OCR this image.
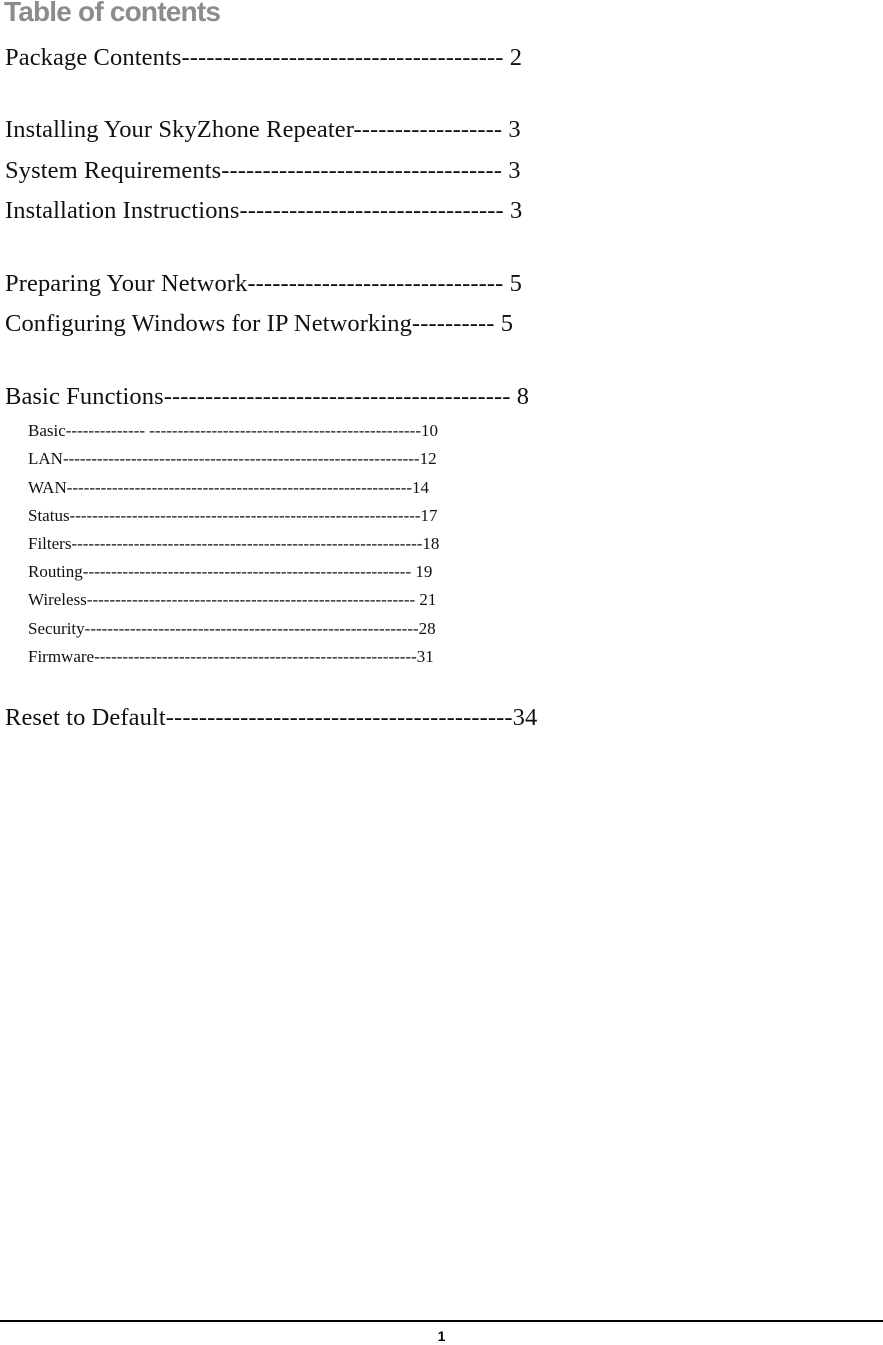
Table of contents
Package Contents--------------------------------------- 2
Installing Your SkyZhone Repeater------------------ 3
System Requirements---------------------------------- 3
Installation Instructions-------------------------------- 3
Preparing Your Network------------------------------- 5
Configuring Windows for IP Networking---------- 5
Basic Functions------------------------------------------ 8
Basic-------------- ------------------------------------------------10
LAN---------------------------------------------------------------12
WAN-------------------------------------------------------------14
Status--------------------------------------------------------------17
Filters--------------------------------------------------------------18
Routing---------------------------------------------------------- 19
Wireless---------------------------------------------------------- 21
Security-----------------------------------------------------------28
Firmware---------------------------------------------------------31
Reset to Default------------------------------------------34
1
